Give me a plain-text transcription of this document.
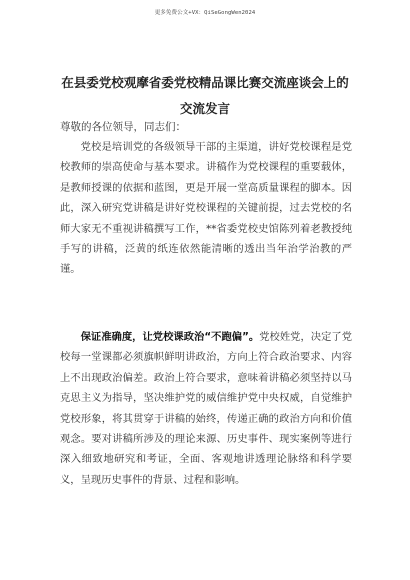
更多免费公文+VX：QiSeGongWen2024
在县委党校观摩省委党校精品课比赛交流座谈会上的交流发言
尊敬的各位领导，同志们：

党校是培训党的各级领导干部的主渠道，讲好党校课程是党校教师的崇高使命与基本要求。讲稿作为党校课程的重要载体，是教师授课的依据和蓝图，更是开展一堂高质量课程的脚本。因此，深入研究党讲稿是讲好党校课程的关键前提，过去党校的名师大家无不重视讲稿撰写工作，**省委党校史馆陈列着老教授纯手写的讲稿，泛黄的纸连依然能清晰的透出当年治学治教的严谨。

保证准确度，让党校课政治“不跑偏”。党校姓党，决定了党校每一堂课都必须旗帜鲜明讲政治，方向上符合政治要求、内容上不出现政治偏差。政治上符合要求，意味着讲稿必须坚持以马克思主义为指导，坚决维护党的威信维护党中央权威，自觉维护党校形象，将其贯穿于讲稿的始终，传递正确的政治方向和价值观念。要对讲稿所涉及的理论来源、历史事件、现实案例等进行深入细致地研究和考证，全面、客观地讲透理论脉络和科学要义，呈现历史事件的背景、过程和影响。
